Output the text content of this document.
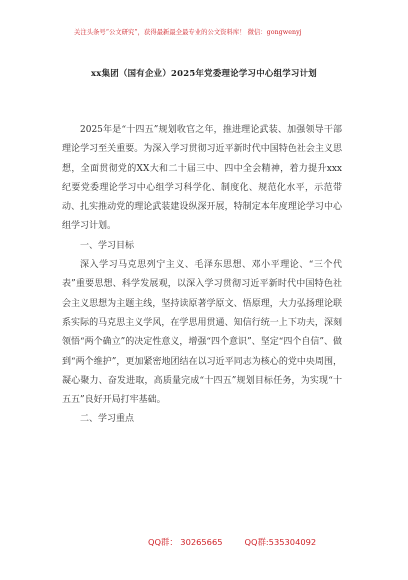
关注头条号“公文研究”，获得最新最全最专业的公文资料库！ 微信：gongwenyj
xx集团（国有企业）2025年党委理论学习中心组学习计划

2025年是“十四五”规划收官之年，推进理论武装、加强领导干部理论学习至关重要。为深入学习贯彻习近平新时代中国特色社会主义思想，全面贯彻党的XX大和二十届三中、四中全会精神，着力提升xxx纪要党委理论学习中心组学习科学化、制度化、规范化水平，示范带动、扎实推动党的理论武装建设纵深开展，特制定本年度理论学习中心组学习计划。

一、学习目标

深入学习马克思列宁主义、毛泽东思想、邓小平理论、“三个代表”重要思想、科学发展观，以深入学习贯彻习近平新时代中国特色社会主义思想为主题主线，坚持读原著学原文、悟原理，大力弘扬理论联系实际的马克思主义学风，在学思用贯通、知信行统一上下功夫，深刻领悟“两个确立”的决定性意义，增强“四个意识”、坚定“四个自信”、做到“两个维护”，更加紧密地团结在以习近平同志为核心的党中央周围，凝心聚力、奋发进取，高质量完成“十四五”规划目标任务，为实现“十五五”良好开局打牢基础。

二、学习重点

QQ群： 30265665	QQ群:535304092
